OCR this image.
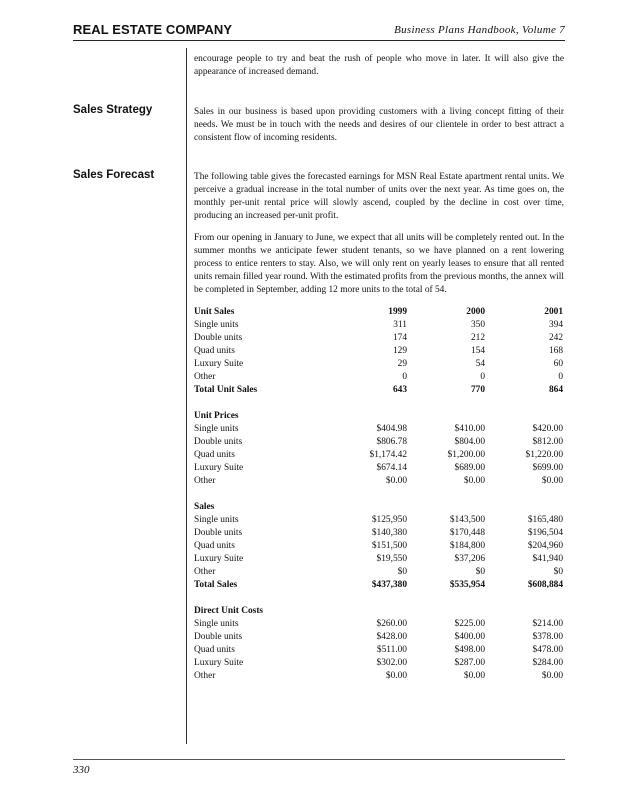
REAL ESTATE COMPANY	Business Plans Handbook, Volume 7

encourage people to try and beat the rush of people who move in later. It will also give the appearance of increased demand.

Sales Strategy	Sales in our business is based upon providing customers with a living concept fitting of their needs. We must be in touch with the needs and desires of our clientele in order to best attract a consistent flow of incoming residents.

Sales Forecast	The following table gives the forecasted earnings for MSN Real Estate apartment rental units. We perceive a gradual increase in the total number of units over the next year. As time goes on, the monthly per-unit rental price will slowly ascend, coupled by the decline in cost over time, producing an increased per-unit profit.

From our opening in January to June, we expect that all units will be completely rented out. In the summer months we anticipate fewer student tenants, so we have planned on a rent lowering process to entice renters to stay. Also, we will only rent on yearly leases to ensure that all rented units remain filled year round. With the estimated profits from the previous months, the annex will be completed in September, adding 12 more units to the total of 54.

Unit Sales	1999	2000	2001
Single units	311	350	394
Double units	174	212	242
Quad units	129	154	168
Luxury Suite	29	54	60
Other	0	0	0
Total Unit Sales	643	770	864

Unit Prices			
Single units	$404.98	$410.00	$420.00
Double units	$806.78	$804.00	$812.00
Quad units	$1,174.42	$1,200.00	$1,220.00
Luxury Suite	$674.14	$689.00	$699.00
Other	$0.00	$0.00	$0.00

Sales			
Single units	$125,950	$143,500	$165,480
Double units	$140,380	$170,448	$196,504
Quad units	$151,500	$184,800	$204,960
Luxury Suite	$19,550	$37,206	$41,940
Other	$0	$0	$0
Total Sales	$437,380	$535,954	$608,884

Direct Unit Costs			
Single units	$260.00	$225.00	$214.00
Double units	$428.00	$400.00	$378.00
Quad units	$511.00	$498.00	$478.00
Luxury Suite	$302.00	$287.00	$284.00
Other	$0.00	$0.00	$0.00
330
